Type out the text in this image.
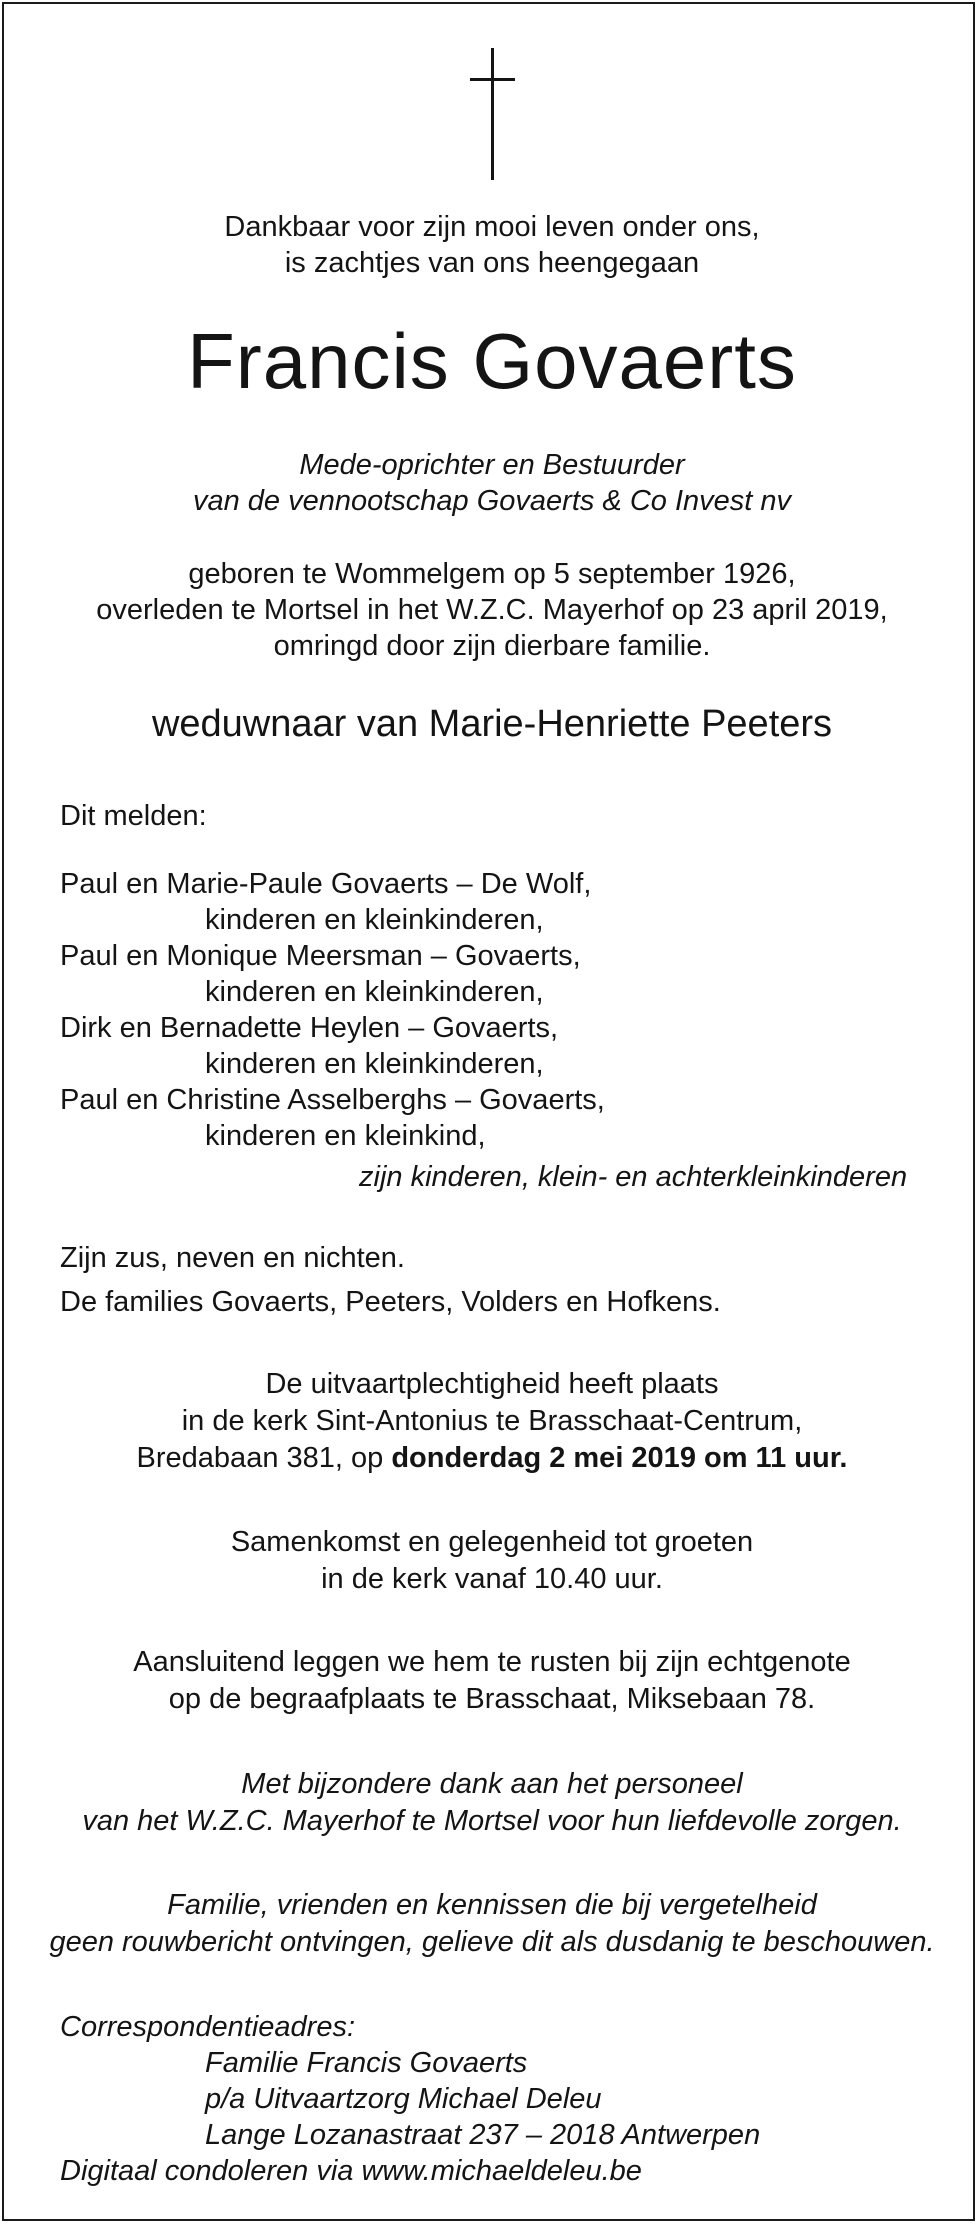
Dankbaar voor zijn mooi leven onder ons,
is zachtjes van ons heengegaan
Francis Govaerts
Mede-oprichter en Bestuurder
van de vennootschap Govaerts & Co Invest nv
geboren te Wommelgem op 5 september 1926,
overleden te Mortsel in het W.Z.C. Mayerhof op 23 april 2019,
omringd door zijn dierbare familie.
weduwnaar van Marie-Henriette Peeters
Dit melden:
Paul en Marie-Paule Govaerts – De Wolf,
kinderen en kleinkinderen,
Paul en Monique Meersman – Govaerts,
kinderen en kleinkinderen,
Dirk en Bernadette Heylen – Govaerts,
kinderen en kleinkinderen,
Paul en Christine Asselberghs – Govaerts,
kinderen en kleinkind,
zijn kinderen, klein- en achterkleinkinderen
Zijn zus, neven en nichten.
De families Govaerts, Peeters, Volders en Hofkens.
De uitvaartplechtigheid heeft plaats
in de kerk Sint-Antonius te Brasschaat-Centrum,
Bredabaan 381, op donderdag 2 mei 2019 om 11 uur.
Samenkomst en gelegenheid tot groeten
in de kerk vanaf 10.40 uur.
Aansluitend leggen we hem te rusten bij zijn echtgenote
op de begraafplaats te Brasschaat, Miksebaan 78.
Met bijzondere dank aan het personeel
van het W.Z.C. Mayerhof te Mortsel voor hun liefdevolle zorgen.
Familie, vrienden en kennissen die bij vergetelheid
geen rouwbericht ontvingen, gelieve dit als dusdanig te beschouwen.
Correspondentieadres:
Familie Francis Govaerts
p/a Uitvaartzorg Michael Deleu
Lange Lozanastraat 237 – 2018 Antwerpen
Digitaal condoleren via www.michaeldeleu.be
